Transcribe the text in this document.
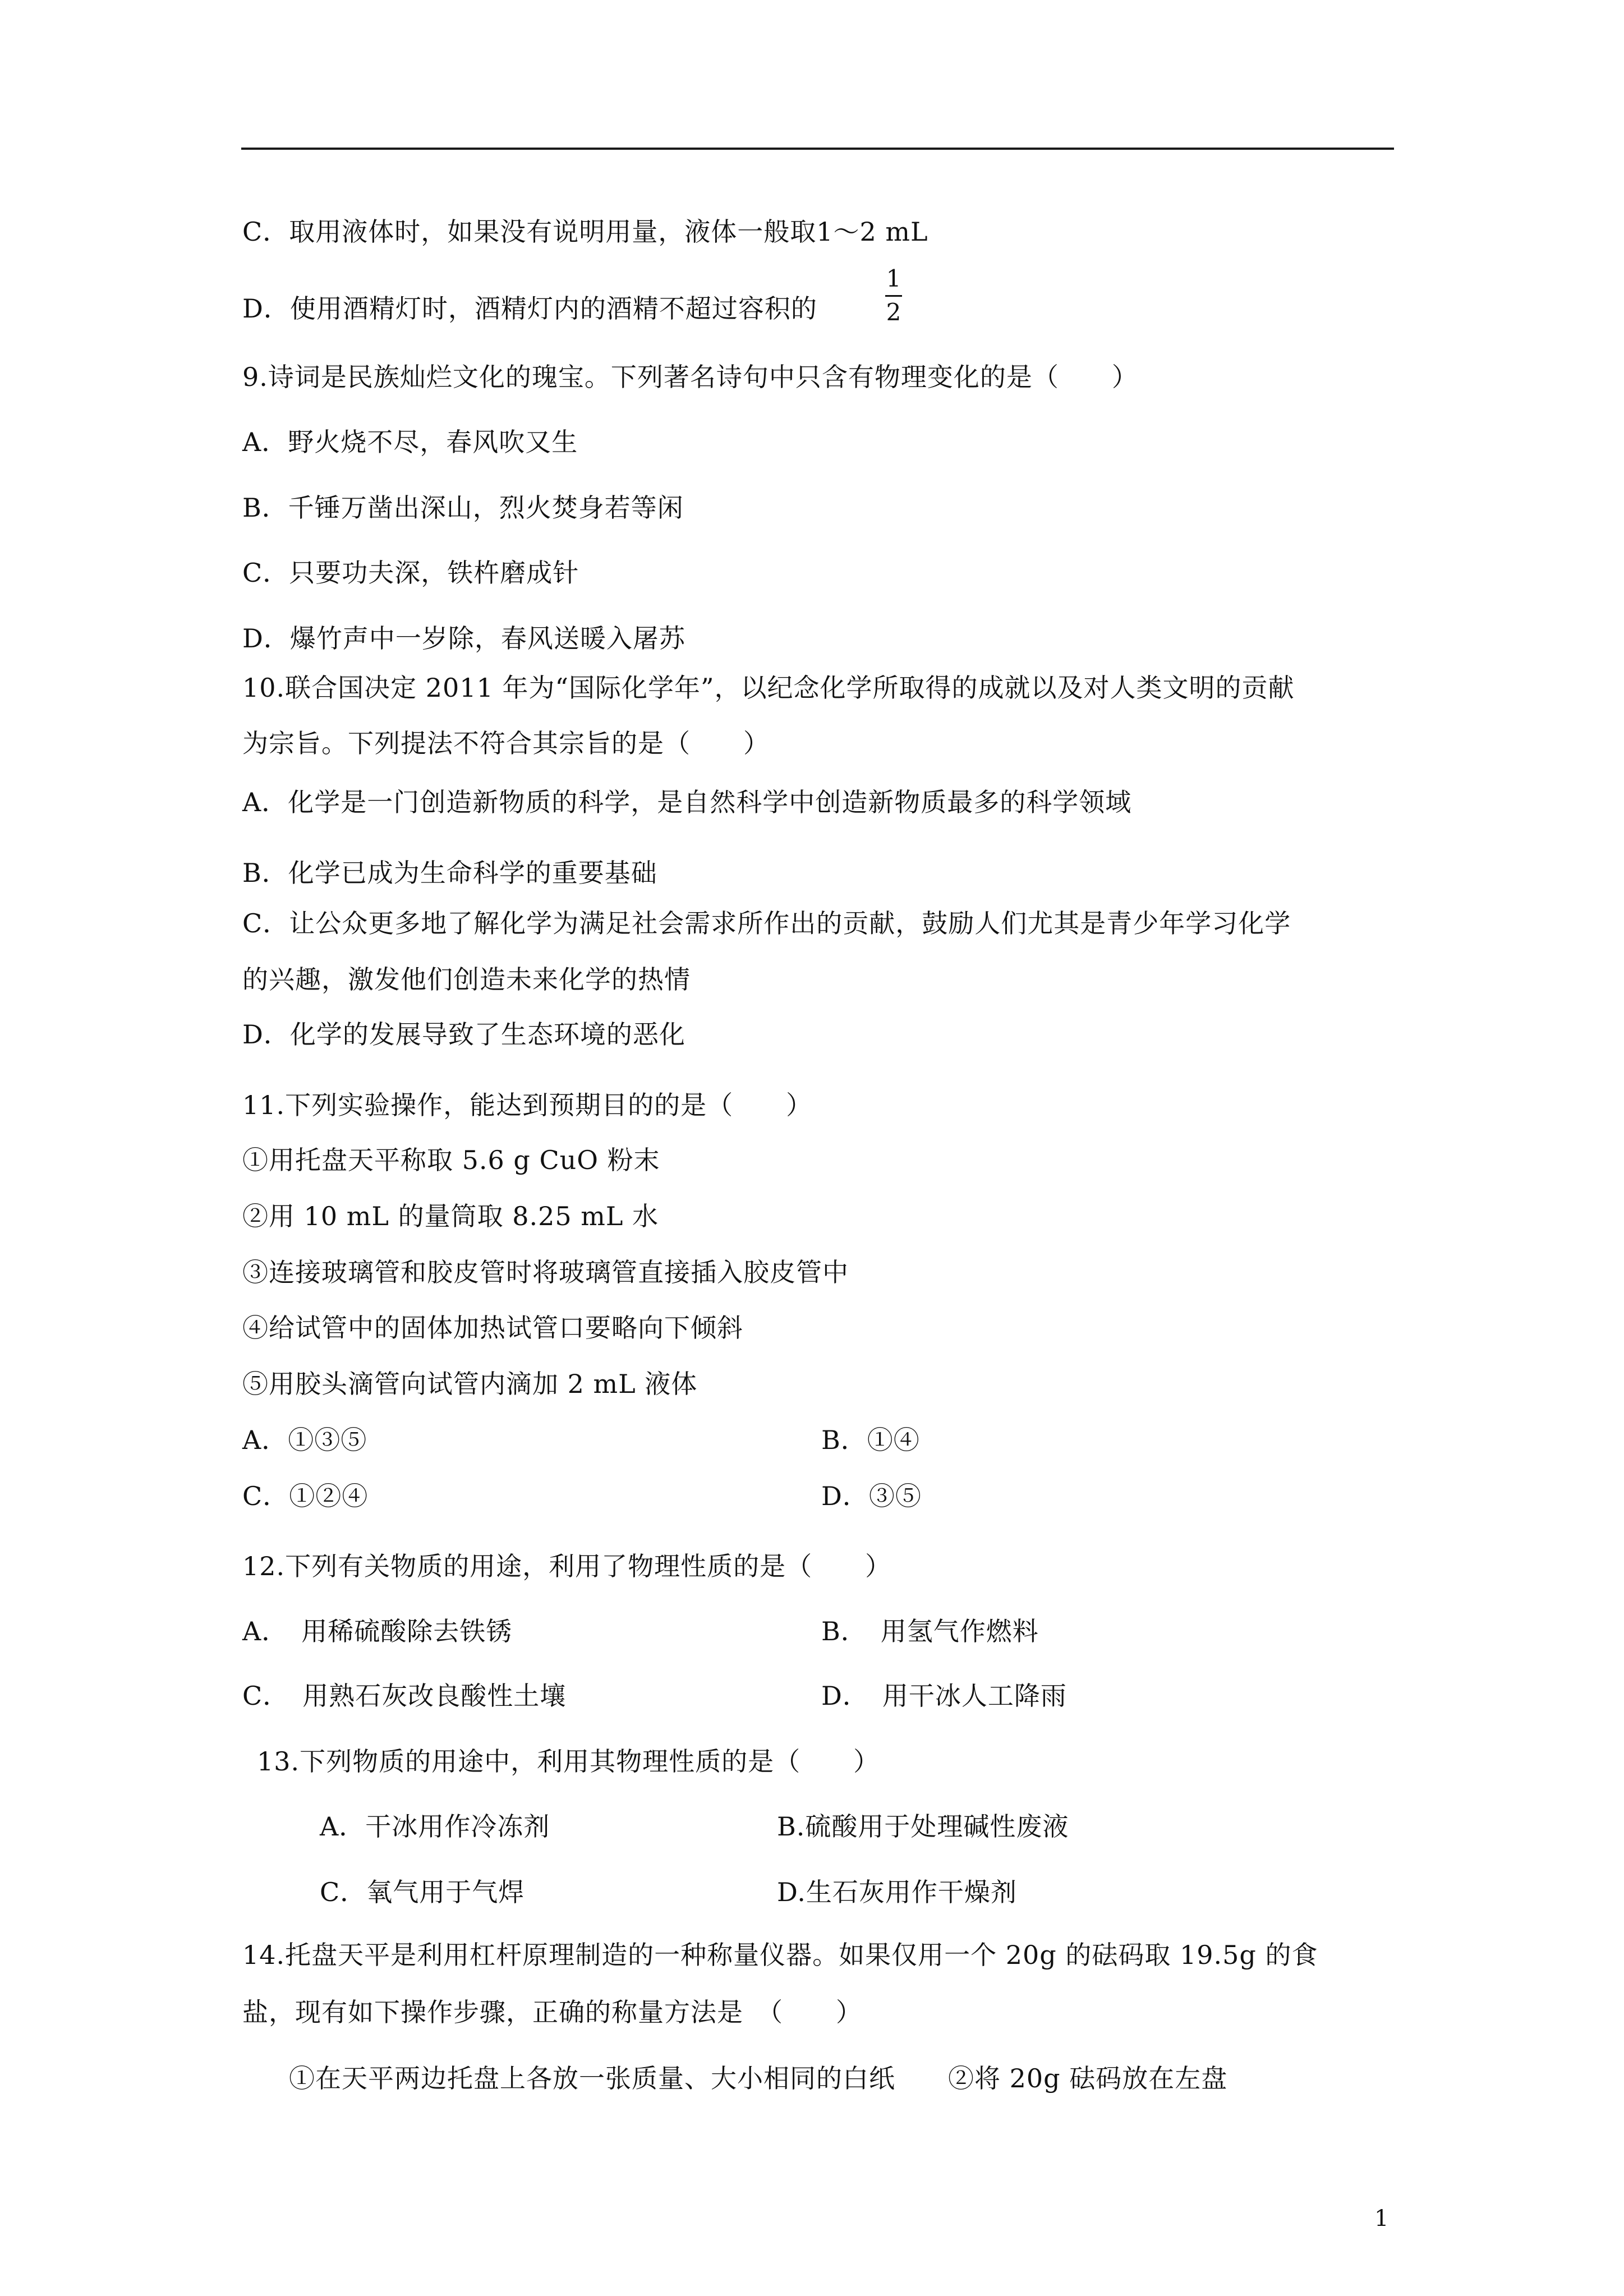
C．取用液体时，如果没有说明用量，液体一般取1～2 mL
D．使用酒精灯时，酒精灯内的酒精不超过容积的
1
2
9.诗词是民族灿烂文化的瑰宝。下列著名诗句中只含有物理变化的是（　　）
A．野火烧不尽，春风吹又生
B．千锤万凿出深山，烈火焚身若等闲
C．只要功夫深，铁杵磨成针
D．爆竹声中一岁除，春风送暖入屠苏
10.联合国决定 2011 年为“国际化学年”，以纪念化学所取得的成就以及对人类文明的贡献
为宗旨。下列提法不符合其宗旨的是（　　）
A．化学是一门创造新物质的科学，是自然科学中创造新物质最多的科学领域
B．化学已成为生命科学的重要基础
C．让公众更多地了解化学为满足社会需求所作出的贡献，鼓励人们尤其是青少年学习化学
的兴趣，激发他们创造未来化学的热情
D．化学的发展导致了生态环境的恶化
11.下列实验操作，能达到预期目的的是（　　）
①用托盘天平称取 5.6 g CuO 粉末
②用 10 mL 的量筒取 8.25 mL 水
③连接玻璃管和胶皮管时将玻璃管直接插入胶皮管中
④给试管中的固体加热试管口要略向下倾斜
⑤用胶头滴管向试管内滴加 2 mL 液体
A．①③⑤	B．①④
C．①②④	D．③⑤
12.下列有关物质的用途，利用了物理性质的是（　　）
A．　用稀硫酸除去铁锈	B．　用氢气作燃料
C．　用熟石灰改良酸性土壤	D．　用干冰人工降雨
13.下列物质的用途中，利用其物理性质的是（　　）
A．干冰用作冷冻剂	B.硫酸用于处理碱性废液
C．氧气用于气焊	D.生石灰用作干燥剂
14.托盘天平是利用杠杆原理制造的一种称量仪器。如果仅用一个 20g 的砝码取 19.5g 的食
盐，现有如下操作步骤，正确的称量方法是　（　　）
①在天平两边托盘上各放一张质量、大小相同的白纸　　②将 20g 砝码放在左盘
1
